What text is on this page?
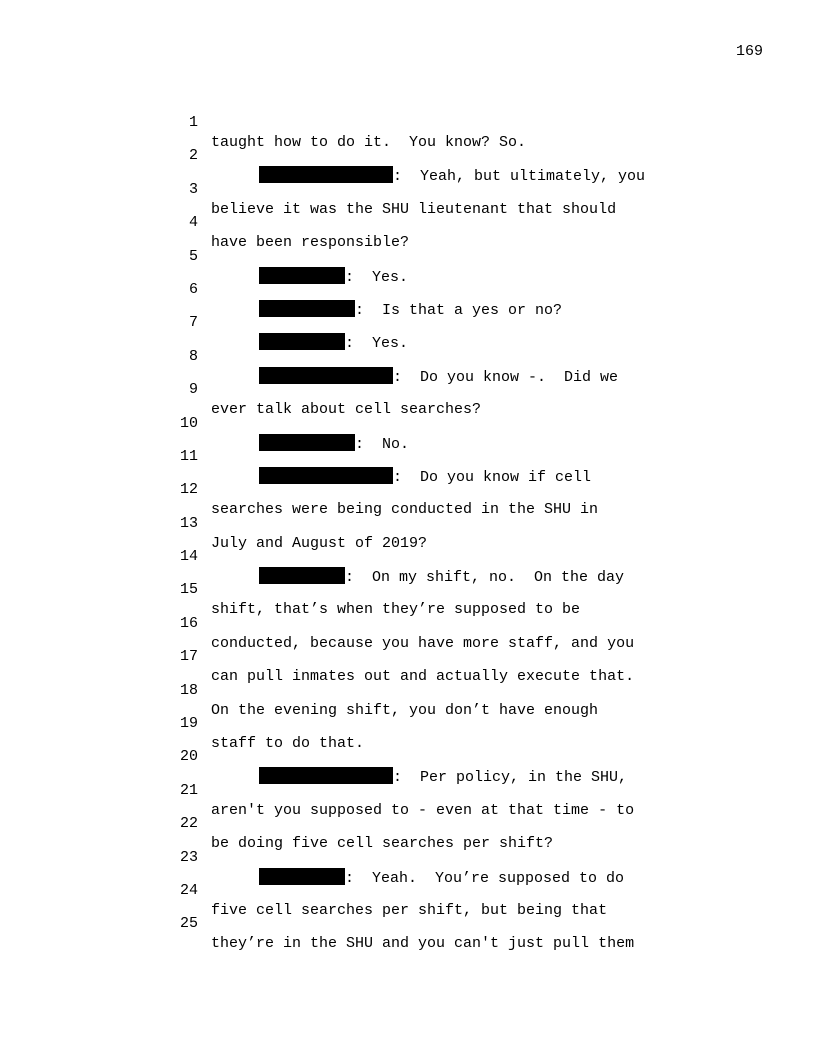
169

1

taught how to do it.  You know? So.

2

:  Yeah, but ultimately, you

3

believe it was the SHU lieutenant that should

4

have been responsible?

5

:  Yes.

6

:  Is that a yes or no?

7

:  Yes.

8

:  Do you know -.  Did we

9

ever talk about cell searches?

10

:  No.

11

:  Do you know if cell

12

searches were being conducted in the SHU in

13

July and August of 2019?

14

:  On my shift, no.  On the day

15

shift, that’s when they’re supposed to be

16

conducted, because you have more staff, and you

17

can pull inmates out and actually execute that.

18

On the evening shift, you don’t have enough

19

staff to do that.

20

:  Per policy, in the SHU,

21

aren't you supposed to - even at that time - to

22

be doing five cell searches per shift?

23

:  Yeah.  You’re supposed to do

24

five cell searches per shift, but being that

25

they’re in the SHU and you can't just pull them
